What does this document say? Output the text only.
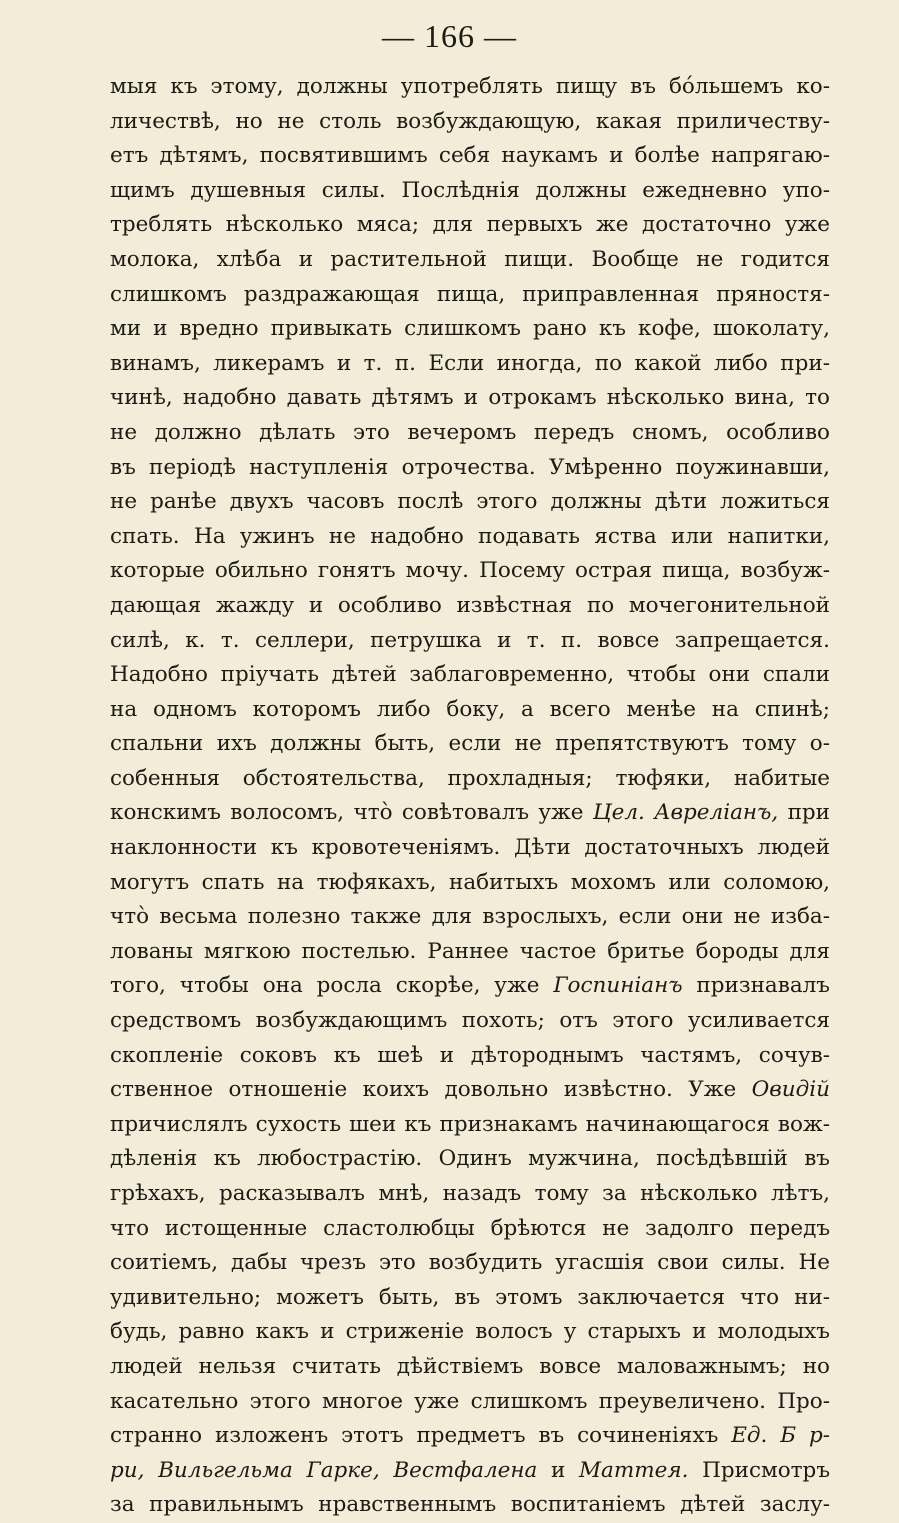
— 166 —
мыя къ этому, должны употреблять пищу въ бо́льшемъ ко-
личествѣ, но не столь возбуждающую, какая приличеству-
етъ дѣтямъ, посвятившимъ себя наукамъ и болѣе напрягаю-
щимъ душевныя силы. Послѣднія должны ежедневно упо-
треблять нѣсколько мяса; для первыхъ же достаточно уже
молока, хлѣба и растительной пищи. Вообще не годится
слишкомъ раздражающая пища, приправленная пряностя-
ми и вредно привыкать слишкомъ рано къ кофе, шоколату,
винамъ, ликерамъ и т. п. Если иногда, по какой либо при-
чинѣ, надобно давать дѣтямъ и отрокамъ нѣсколько вина, то
не должно дѣлать это вечеромъ передъ сномъ, особливо
въ періодѣ наступленія отрочества. Умѣренно поужинавши,
не ранѣе двухъ часовъ послѣ этого должны дѣти ложиться
спать. На ужинъ не надобно подавать яства или напитки,
которые обильно гонятъ мочу. Посему острая пища, возбуж-
дающая жажду и особливо извѣстная по мочегонительной
силѣ, к. т. селлери, петрушка и т. п. вовсе запрещается.
Надобно пріучать дѣтей заблаговременно, чтобы они спали
на одномъ которомъ либо боку, а всего менѣе на спинѣ;
спальни ихъ должны быть, если не препятствуютъ тому о-
собенныя обстоятельства, прохладныя; тюфяки, набитые
конскимъ волосомъ, что̀ совѣтовалъ уже Цел. Авреліанъ, при
наклонности къ кровотеченіямъ. Дѣти достаточныхъ людей
могутъ спать на тюфякахъ, набитыхъ мохомъ или соломою,
что̀ весьма полезно также для взрослыхъ, если они не изба-
лованы мягкою постелью. Раннее частое бритье бороды для
того, чтобы она росла скорѣе, уже Госпиніанъ признавалъ
средствомъ возбуждающимъ похоть; отъ этого усиливается
скопленіе соковъ къ шеѣ и дѣтороднымъ частямъ, сочув-
ственное отношеніе коихъ довольно извѣстно. Уже Овидій
причислялъ сухость шеи къ признакамъ начинающагося вож-
дѣленія къ любострастію. Одинъ мужчина, посѣдѣвшій въ
грѣхахъ, расказывалъ мнѣ, назадъ тому за нѣсколько лѣтъ,
что истощенные сластолюбцы брѣются не задолго передъ
соитіемъ, дабы чрезъ это возбудить угасшія свои силы. Не
удивительно; можетъ быть, въ этомъ заключается что ни-
будь, равно какъ и стриженіе волосъ у старыхъ и молодыхъ
людей нельзя считать дѣйствіемъ вовсе маловажнымъ; но
касательно этого многое уже слишкомъ преувеличено. Про-
странно изложенъ этотъ предметъ въ сочиненіяхъ Ед. Б р-
ри, Вильгельма Гарке, Вестфалена и Маттея. Присмотръ
за правильнымъ нравственнымъ воспитаніемъ дѣтей заслу-
